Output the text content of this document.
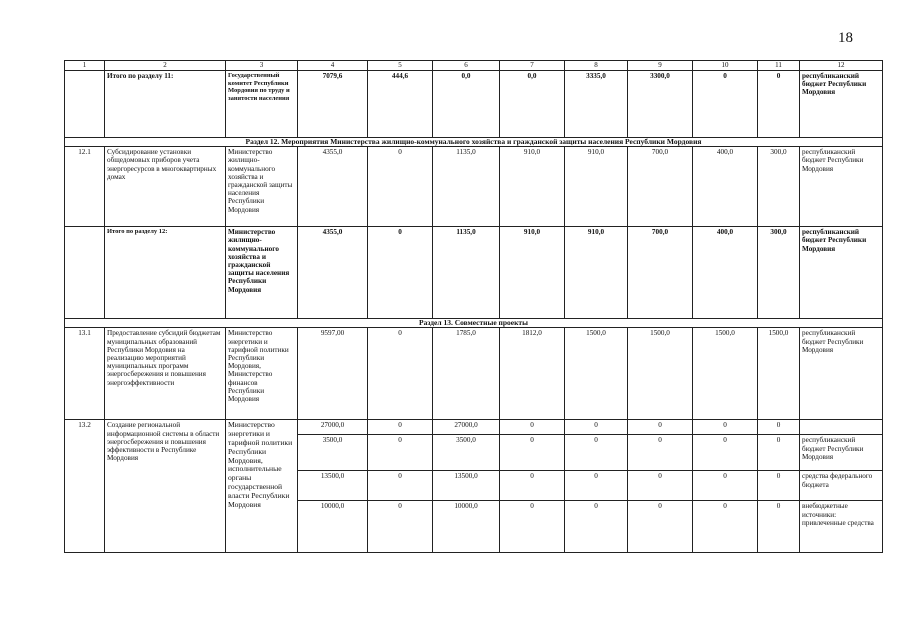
18
1	2	3	4	5	6	7	8	9	10	11	12
	Итого по разделу 11:	Государственный комитет Республики Мордовия по труду и занятости населения	7079,6	444,6	0,0	0,0	3335,0	3300,0	0	0	республиканский бюджет Республики Мордовия
Раздел 12. Мероприятия Министерства жилищно-коммунального хозяйства и гражданской защиты населения Республики Мордовия											
12.1	Субсидирование установки общедомовых приборов учета энергоресурсов в многоквартирных домах	Министерство жилищно-коммунального хозяйства и гражданской защиты населения Республики Мордовия	4355,0	0	1135,0	910,0	910,0	700,0	400,0	300,0	республиканский бюджет Республики Мордовия
	Итого по разделу 12:	Министерство жилищно-коммунального хозяйства и гражданской защиты населения Республики Мордовия	4355,0	0	1135,0	910,0	910,0	700,0	400,0	300,0	республиканский бюджет Республики Мордовия
Раздел 13. Совместные проекты											
13.1	Предоставление субсидий бюджетам муниципальных образований Республики Мордовия на реализацию мероприятий муниципальных программ энергосбережения и повышения энергоэффективности	Министерство энергетики и тарифной политики Республики Мордовия, Министерство финансов Республики Мордовия	9597,00	0	1785,0	1812,0	1500,0	1500,0	1500,0	1500,0	республиканский бюджет Республики Мордовия
13.2	Создание региональной информационной системы в области энергосбережения и повышения эффективности в Республике Мордовия	Министерство энергетики и тарифной политики Республики Мордовия, исполнительные органы государственной власти Республики Мордовия	27000,0	0	27000,0	0	0	0	0	0	
			3500,0	0	3500,0	0	0	0	0	0	республиканский бюджет Республики Мордовия
			13500,0	0	13500,0	0	0	0	0	0	средства федерального бюджета
			10000,0	0	10000,0	0	0	0	0	0	внебюджетные источники: привлеченные средства
